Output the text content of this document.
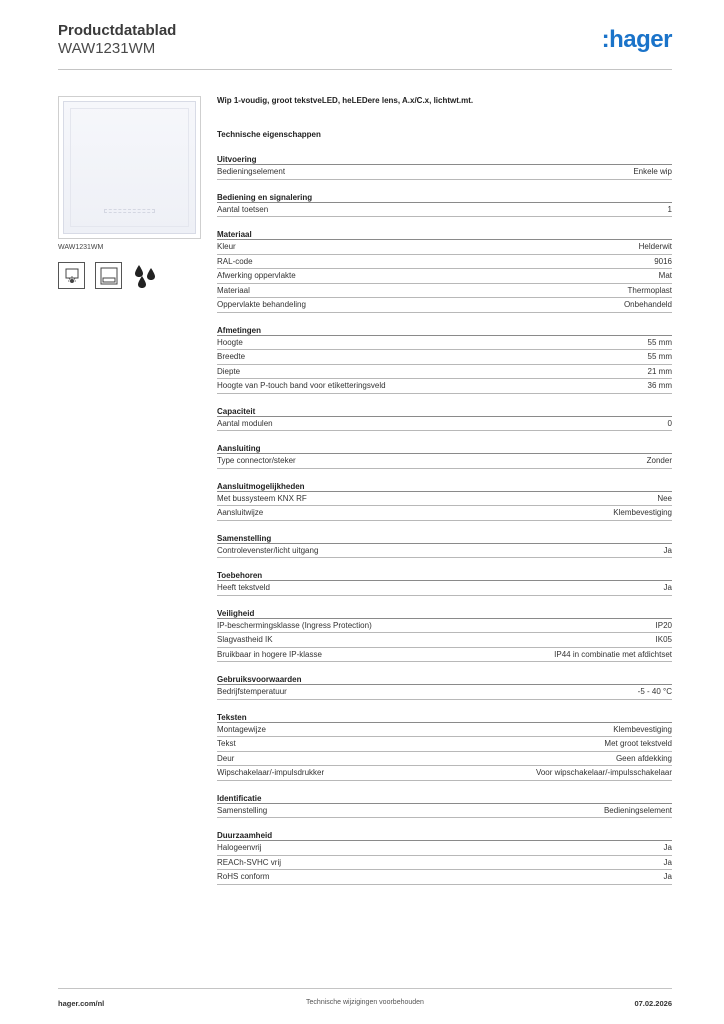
Productdatablad
WAW1231WM	:hager
WAW1231WM
Wip 1-voudig, groot tekstveLED, heLEDere lens, A.x/C.x, lichtwt.mt.
Technische eigenschappen
Uitvoering
Bedieningselement	Enkele wip
Bediening en signalering
Aantal toetsen	1
Materiaal
Kleur	Helderwit
RAL-code	9016
Afwerking oppervlakte	Mat
Materiaal	Thermoplast
Oppervlakte behandeling	Onbehandeld
Afmetingen
Hoogte	55 mm
Breedte	55 mm
Diepte	21 mm
Hoogte van P-touch band voor etiketteringsveld	36 mm
Capaciteit
Aantal modulen	0
Aansluiting
Type connector/steker	Zonder
Aansluitmogelijkheden
Met bussysteem KNX RF	Nee
Aansluitwijze	Klembevestiging
Samenstelling
Controlevenster/licht uitgang	Ja
Toebehoren
Heeft tekstveld	Ja
Veiligheid
IP-beschermingsklasse (Ingress Protection)	IP20
Slagvastheid IK	IK05
Bruikbaar in hogere IP-klasse	IP44 in combinatie met afdichtset
Gebruiksvoorwaarden
Bedrijfstemperatuur	-5 - 40 °C
Teksten
Montagewijze	Klembevestiging
Tekst	Met groot tekstveld
Deur	Geen afdekking
Wipschakelaar/-impulsdrukker	Voor wipschakelaar/-impulsschakelaar
Identificatie
Samenstelling	Bedieningselement
Duurzaamheid
Halogeenvrij	Ja
REACh-SVHC vrij	Ja
RoHS conform	Ja
hager.com/nl	Technische wijzigingen voorbehouden	07.02.2026
